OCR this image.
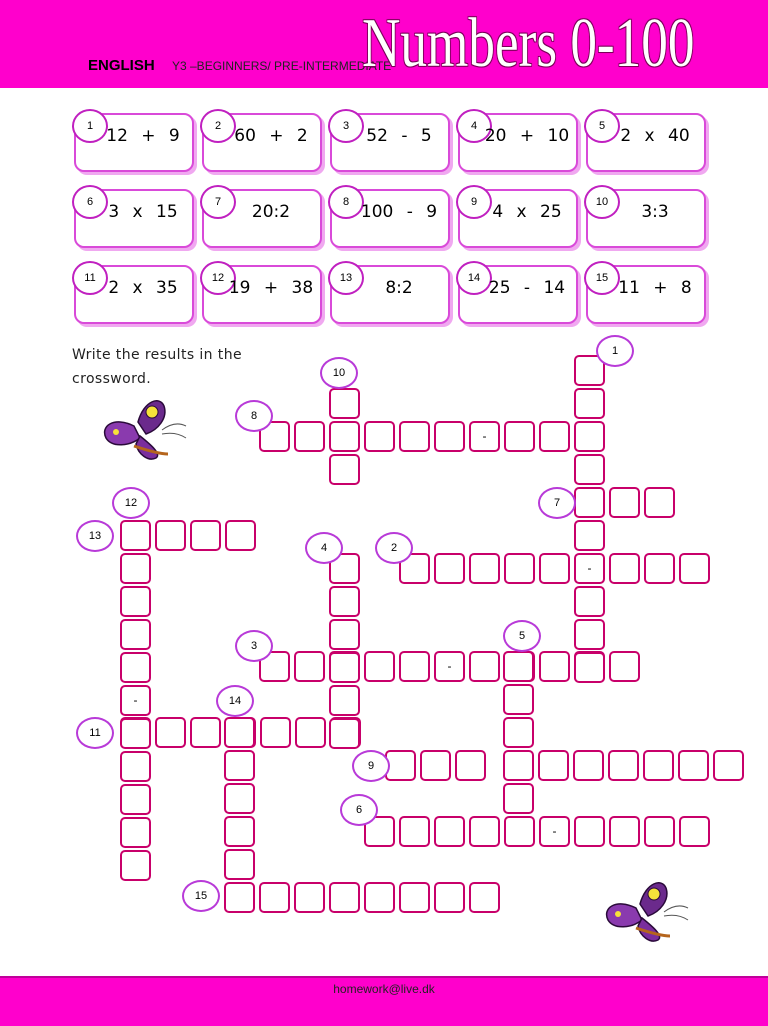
ENGLISH Y3 –BEGINNERS/ PRE-INTERMEDIATE
Numbers 0-100
1 12 + 9	2 60 + 2	3	52 - 5	4 20 + 10	5 2 x 40
6 3 x 15	7	20:2	8 100 - 9	9 4 x 25	10	3:3
11 2 x 35	12 19 + 38	13	8:2	14 25 - 14	15 11 + 8
Write the results in the crossword.
-
-
-
-
-
1
10
8
12	7
13
4	2
5
3
14
11
9
6
15
homework@live.dk
